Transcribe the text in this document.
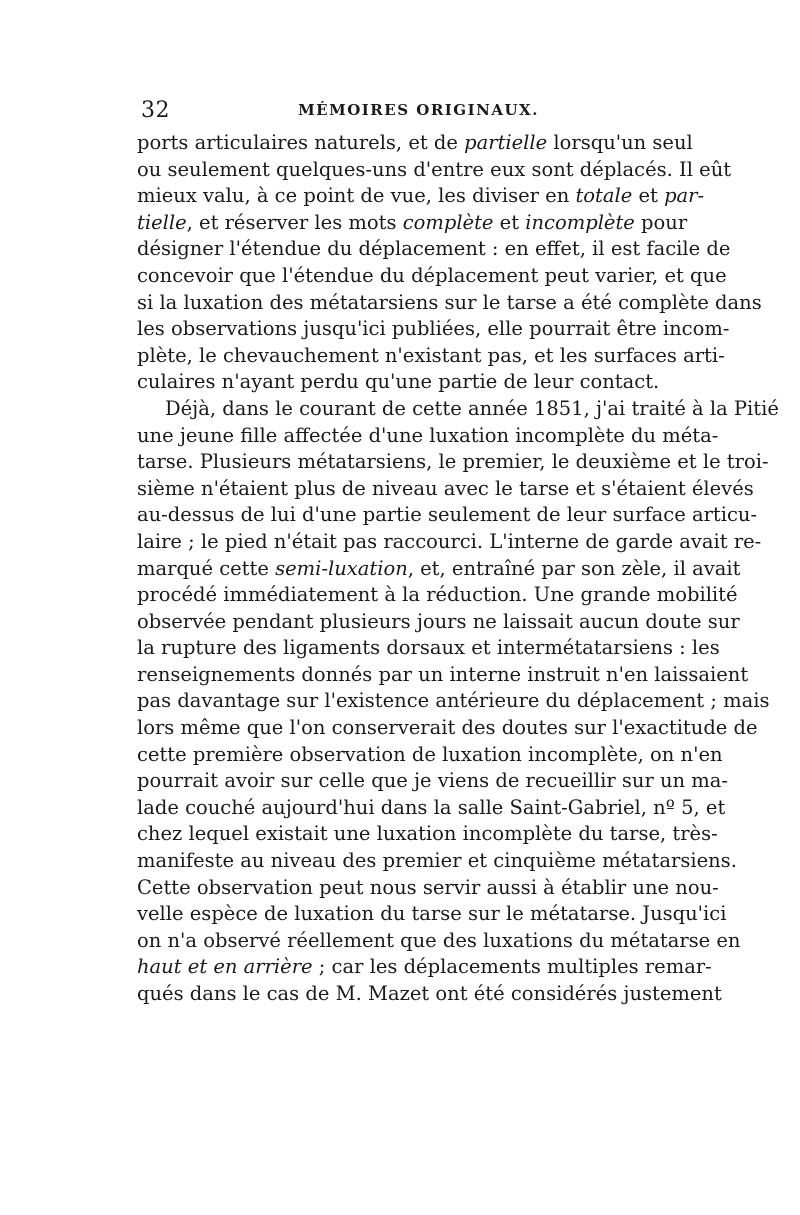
32	MÉMOIRES ORIGINAUX.

ports articulaires naturels, et de partielle lorsqu'un seul
ou seulement quelques-uns d'entre eux sont déplacés. Il eût
mieux valu, à ce point de vue, les diviser en totale et par-
tielle, et réserver les mots complète et incomplète pour
désigner l'étendue du déplacement : en effet, il est facile de
concevoir que l'étendue du déplacement peut varier, et que
si la luxation des métatarsiens sur le tarse a été complète dans
les observations jusqu'ici publiées, elle pourrait être incom-
plète, le chevauchement n'existant pas, et les surfaces arti-
culaires n'ayant perdu qu'une partie de leur contact.

Déjà, dans le courant de cette année 1851, j'ai traité à la Pitié
une jeune fille affectée d'une luxation incomplète du méta-
tarse. Plusieurs métatarsiens, le premier, le deuxième et le troi-
sième n'étaient plus de niveau avec le tarse et s'étaient élevés
au-dessus de lui d'une partie seulement de leur surface articu-
laire ; le pied n'était pas raccourci. L'interne de garde avait re-
marqué cette semi-luxation, et, entraîné par son zèle, il avait
procédé immédiatement à la réduction. Une grande mobilité
observée pendant plusieurs jours ne laissait aucun doute sur
la rupture des ligaments dorsaux et intermétatarsiens : les
renseignements donnés par un interne instruit n'en laissaient
pas davantage sur l'existence antérieure du déplacement ; mais
lors même que l'on conserverait des doutes sur l'exactitude de
cette première observation de luxation incomplète, on n'en
pourrait avoir sur celle que je viens de recueillir sur un ma-
lade couché aujourd'hui dans la salle Saint-Gabriel, nº 5, et
chez lequel existait une luxation incomplète du tarse, très-
manifeste au niveau des premier et cinquième métatarsiens.
Cette observation peut nous servir aussi à établir une nou-
velle espèce de luxation du tarse sur le métatarse. Jusqu'ici
on n'a observé réellement que des luxations du métatarse en
haut et en arrière ; car les déplacements multiples remar-
qués dans le cas de M. Mazet ont été considérés justement
